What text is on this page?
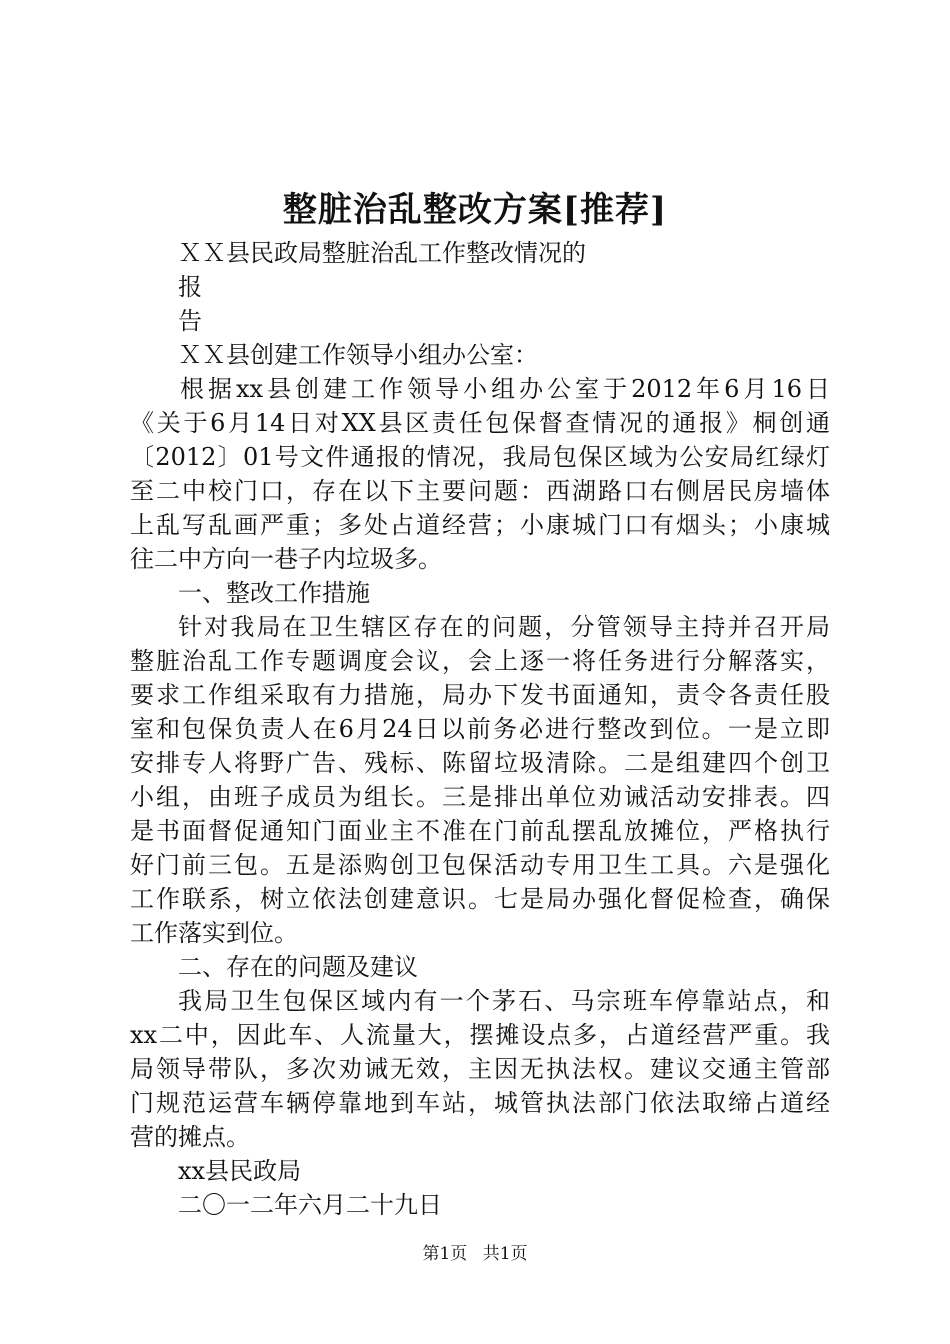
整脏治乱整改方案[推荐]
ＸＸ县民政局整脏治乱工作整改情况的
报
告
ＸＸ县创建工作领导小组办公室：
根据xx县创建工作领导小组办公室于2012年6月16日
《关于6月14日对XX县区责任包保督查情况的通报》桐创通
〔2012〕01号文件通报的情况，我局包保区域为公安局红绿灯
至二中校门口，存在以下主要问题：西湖路口右侧居民房墙体
上乱写乱画严重；多处占道经营；小康城门口有烟头；小康城
往二中方向一巷子内垃圾多。
一、整改工作措施
针对我局在卫生辖区存在的问题，分管领导主持并召开局
整脏治乱工作专题调度会议，会上逐一将任务进行分解落实，
要求工作组采取有力措施，局办下发书面通知，责令各责任股
室和包保负责人在6月24日以前务必进行整改到位。一是立即
安排专人将野广告、残标、陈留垃圾清除。二是组建四个创卫
小组，由班子成员为组长。三是排出单位劝诫活动安排表。四
是书面督促通知门面业主不准在门前乱摆乱放摊位，严格执行
好门前三包。五是添购创卫包保活动专用卫生工具。六是强化
工作联系，树立依法创建意识。七是局办强化督促检查，确保
工作落实到位。
二、存在的问题及建议
我局卫生包保区域内有一个茅石、马宗班车停靠站点，和
xx二中，因此车、人流量大，摆摊设点多，占道经营严重。我
局领导带队，多次劝诫无效，主因无执法权。建议交通主管部
门规范运营车辆停靠地到车站，城管执法部门依法取缔占道经
营的摊点。
xx县民政局
二〇一二年六月二十九日
第1页 共1页
